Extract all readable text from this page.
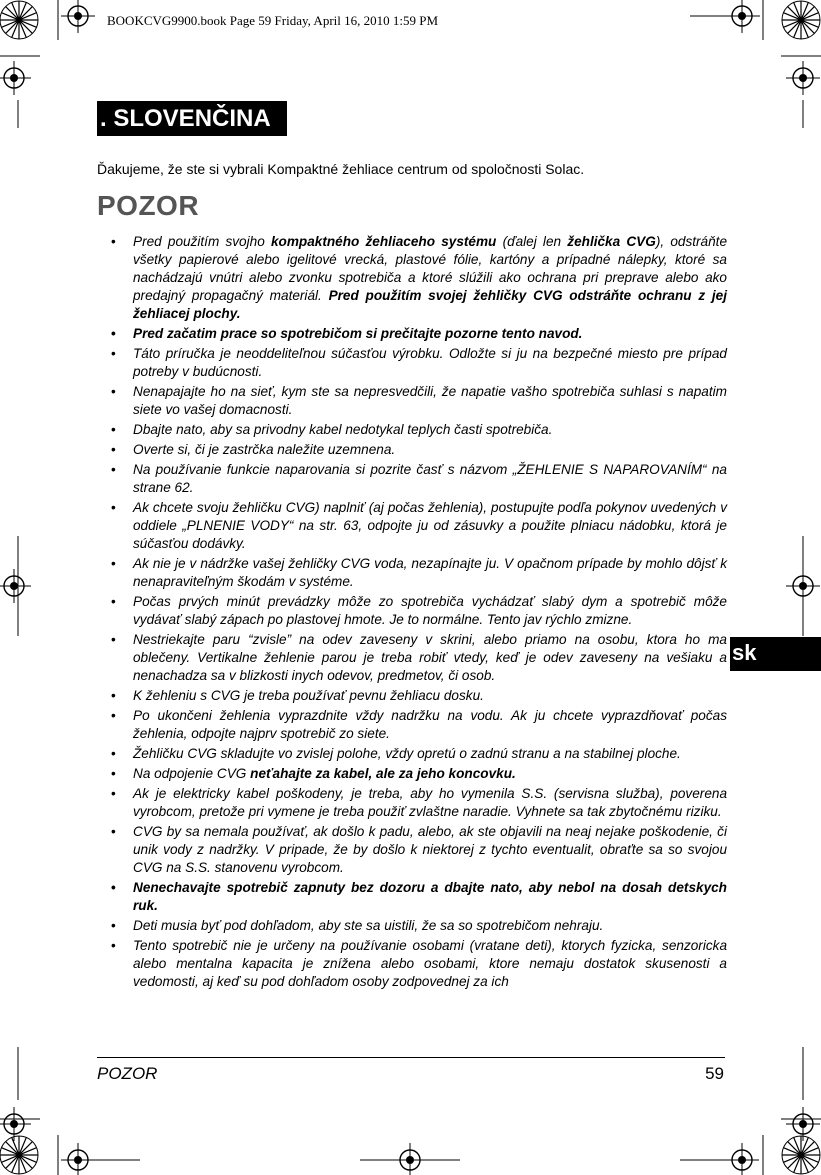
BOOKCVG9900.book Page 59 Friday, April 16, 2010 1:59 PM
. SLOVENČINA
Ďakujeme, že ste si vybrali Kompaktné žehliace centrum od spoločnosti Solac.
POZOR
• Pred použitím svojho kompaktného žehliaceho systému (ďalej len žehlička CVG), odstráňte všetky papierové alebo igelitové vrecká, plastové fólie, kartóny a prípadné nálepky, ktoré sa nachádzajú vnútri alebo zvonku spotrebiča a ktoré slúžili ako ochrana pri preprave alebo ako predajný propagačný materiál. Pred použitím svojej žehličky CVG odstráňte ochranu z jej žehliacej plochy.
• Pred začatim prace so spotrebičom si prečitajte pozorne tento navod.
• Táto príručka je neoddeliteľnou súčasťou výrobku. Odložte si ju na bezpečné miesto pre prípad potreby v budúcnosti.
• Nenapajajte ho na sieť, kym ste sa nepresvedčili, že napatie vašho spotrebiča suhlasi s napatim siete vo vašej domacnosti.
• Dbajte nato, aby sa privodny kabel nedotykal teplych časti spotrebiča.
• Overte si, či je zastrčka naležite uzemnena.
• Na používanie funkcie naparovania si pozrite časť s názvom „ŽEHLENIE S NAPAROVANÍM“ na strane 62.
• Ak chcete svoju žehličku CVG) naplniť (aj počas žehlenia), postupujte podľa pokynov uvedených v oddiele „PLNENIE VODY“ na str. 63, odpojte ju od zásuvky a použite plniacu nádobku, ktorá je súčasťou dodávky.
• Ak nie je v nádržke vašej žehličky CVG voda, nezapínajte ju. V opačnom prípade by mohlo dôjsť k nenapraviteľným škodám v systéme.
• Počas prvých minút prevádzky môže zo spotrebiča vychádzať slabý dym a spotrebič môže vydávať slabý zápach po plastovej hmote. Je to normálne. Tento jav rýchlo zmizne.
• Nestriekajte paru “zvisle” na odev zaveseny v skrini, alebo priamo na osobu, ktora ho ma oblečeny. Vertikalne žehlenie parou je treba robiť vtedy, keď je odev zaveseny na vešiaku a nenachadza sa v blizkosti inych odevov, predmetov, či osob.
• K žehleniu s CVG je treba používať pevnu žehliacu dosku.
• Po ukončeni žehlenia vyprazdnite vždy nadržku na vodu. Ak ju chcete vyprazdňovať počas žehlenia, odpojte najprv spotrebič zo siete.
• Žehličku CVG skladujte vo zvislej polohe, vždy opretú o zadnú stranu a na stabilnej ploche.
• Na odpojenie CVG neťahajte za kabel, ale za jeho koncovku.
• Ak je elektricky kabel poškodeny, je treba, aby ho vymenila S.S. (servisna služba), poverena vyrobcom, pretože pri vymene je treba použiť zvlaštne naradie. Vyhnete sa tak zbytočnému riziku.
• CVG by sa nemala používať, ak došlo k padu, alebo, ak ste objavili na neaj nejake poškodenie, či unik vody z nadržky. V pripade, že by došlo k niektorej z tychto eventualit, obraťte sa so svojou CVG na S.S. stanovenu vyrobcom.
• Nenechavajte spotrebič zapnuty bez dozoru a dbajte nato, aby nebol na dosah detskych ruk.
• Deti musia byť pod dohľadom, aby ste sa uistili, že sa so spotrebičom nehraju.
• Tento spotrebič nie je určeny na používanie osobami (vratane deti), ktorych fyzicka, senzoricka alebo mentalna kapacita je znížena alebo osobami, ktore nemaju dostatok skusenosti a vedomosti, aj keď su pod dohľadom osoby zodpovednej za ich
sk
POZOR	59
